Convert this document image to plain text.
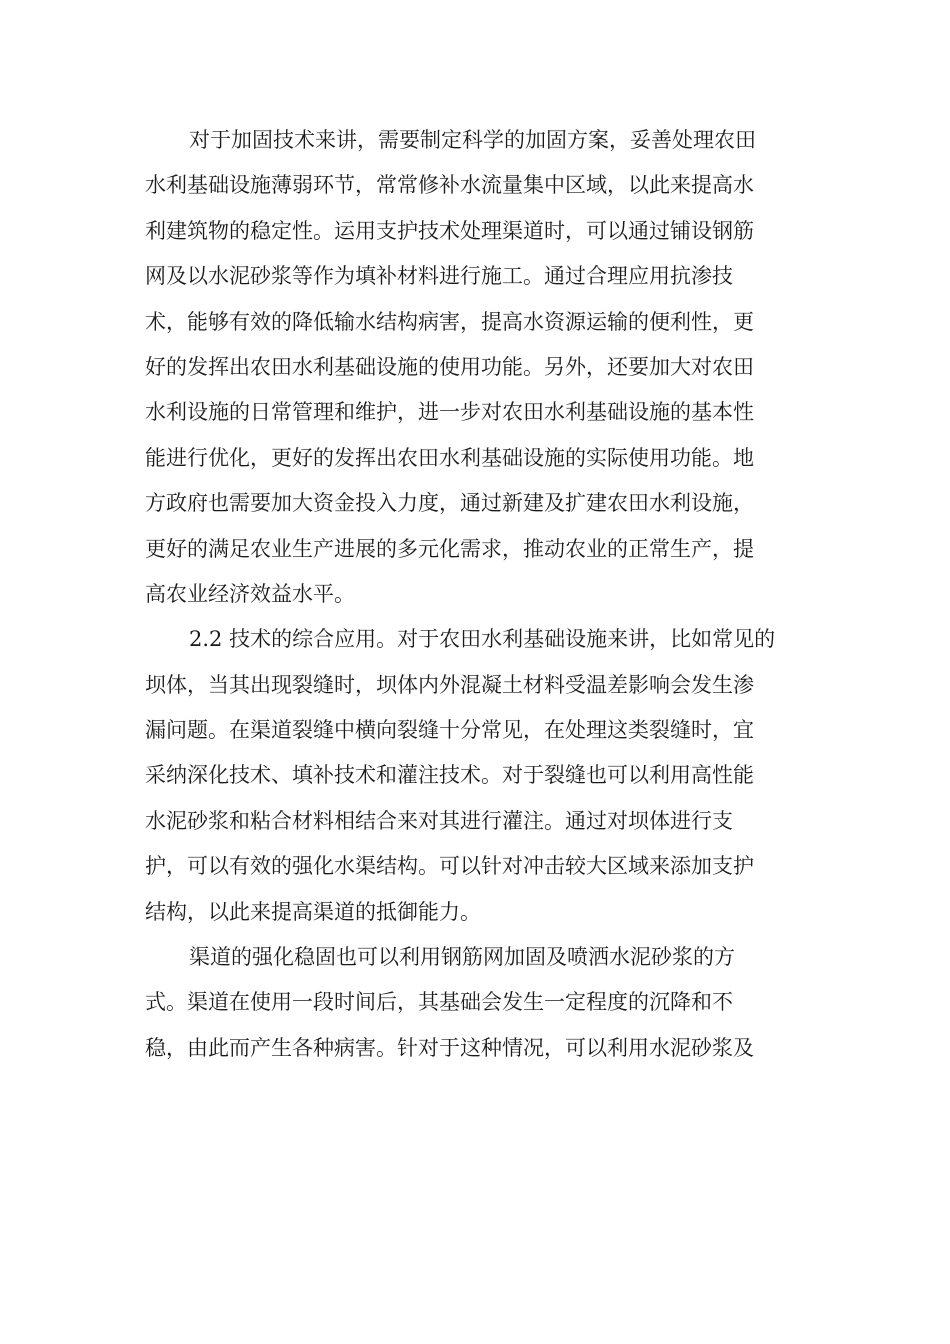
对于加固技术来讲，需要制定科学的加固方案，妥善处理农田
水利基础设施薄弱环节，常常修补水流量集中区域，以此来提高水
利建筑物的稳定性。运用支护技术处理渠道时，可以通过铺设钢筋
网及以水泥砂浆等作为填补材料进行施工。通过合理应用抗渗技
术，能够有效的降低输水结构病害，提高水资源运输的便利性，更
好的发挥出农田水利基础设施的使用功能。另外，还要加大对农田
水利设施的日常管理和维护，进一步对农田水利基础设施的基本性
能进行优化，更好的发挥出农田水利基础设施的实际使用功能。地
方政府也需要加大资金投入力度，通过新建及扩建农田水利设施，
更好的满足农业生产进展的多元化需求，推动农业的正常生产，提
高农业经济效益水平。
2.2 技术的综合应用。对于农田水利基础设施来讲，比如常见的
坝体，当其出现裂缝时，坝体内外混凝土材料受温差影响会发生渗
漏问题。在渠道裂缝中横向裂缝十分常见，在处理这类裂缝时，宜
采纳深化技术、填补技术和灌注技术。对于裂缝也可以利用高性能
水泥砂浆和粘合材料相结合来对其进行灌注。通过对坝体进行支
护，可以有效的强化水渠结构。可以针对冲击较大区域来添加支护
结构，以此来提高渠道的抵御能力。
渠道的强化稳固也可以利用钢筋网加固及喷洒水泥砂浆的方
式。渠道在使用一段时间后，其基础会发生一定程度的沉降和不
稳，由此而产生各种病害。针对于这种情况，可以利用水泥砂浆及
